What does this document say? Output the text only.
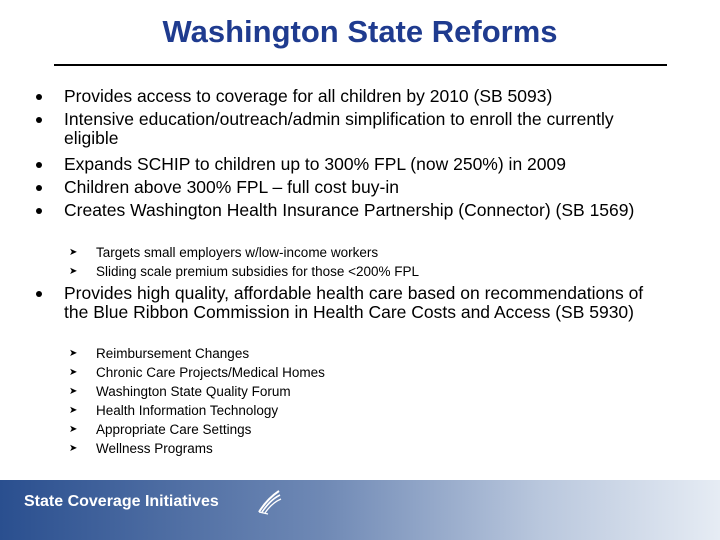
Washington State Reforms
Provides access to coverage for all children by 2010 (SB 5093)
Intensive education/outreach/admin simplification to enroll the currently eligible
Expands SCHIP to children up to 300% FPL (now 250%) in 2009
Children above 300% FPL – full cost buy-in
Creates Washington Health Insurance Partnership (Connector) (SB 1569)
➤ Targets small employers w/low-income workers
➤ Sliding scale premium subsidies for those <200% FPL
Provides high quality, affordable health care based on recommendations of the Blue Ribbon Commission in Health Care Costs and Access (SB 5930)
➤ Reimbursement Changes
➤ Chronic Care Projects/Medical Homes
➤ Washington State Quality Forum
➤ Health Information Technology
➤ Appropriate Care Settings
➤ Wellness Programs
State Coverage Initiatives
